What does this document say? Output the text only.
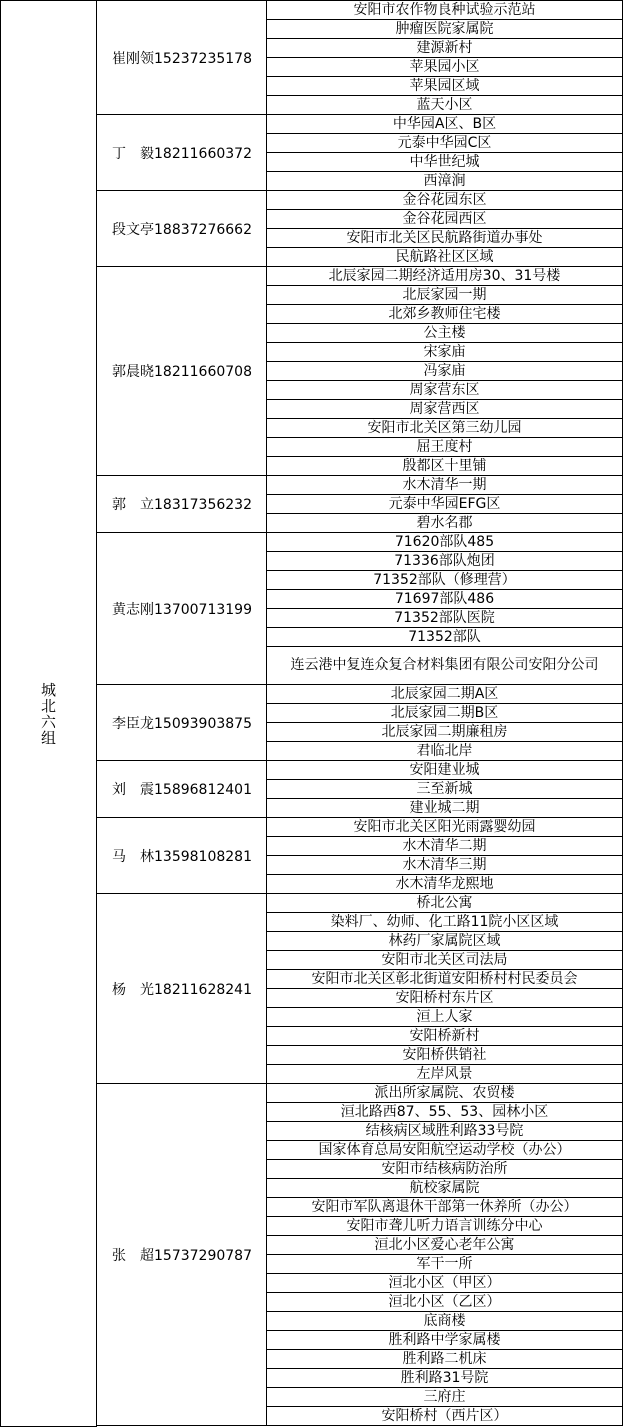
城北六组
安阳市农作物良种试验示范站
肿瘤医院家属院
建源新村
苹果园小区
苹果园区域
蓝天小区
崔刚领15237235178
中华园A区、B区
元泰中华园C区
中华世纪城
西漳涧
丁　毅18211660372
金谷花园东区
金谷花园西区
安阳市北关区民航路街道办事处
民航路社区区域
段文亭18837276662
北辰家园二期经济适用房30、31号楼
北辰家园一期
北郊乡教师住宅楼
公主楼
宋家庙
冯家庙
周家营东区
周家营西区
安阳市北关区第三幼儿园
屈王度村
殷都区十里铺
郭晨晓18211660708
水木清华一期
元泰中华园EFG区
碧水名郡
郭　立18317356232
71620部队485
71336部队炮团
71352部队（修理营）
71697部队486
71352部队医院
71352部队
连云港中复连众复合材料集团有限公司安阳分公司
黄志刚13700713199
北辰家园二期A区
北辰家园二期B区
北辰家园二期廉租房
君临北岸
李臣龙15093903875
安阳建业城
三至新城
建业城二期
刘　震15896812401
安阳市北关区阳光雨露婴幼园
水木清华二期
水木清华三期
水木清华龙熙地
马　林13598108281
桥北公寓
染料厂、幼师、化工路11院小区区域
林药厂家属院区域
安阳市北关区司法局
安阳市北关区彰北街道安阳桥村村民委员会
安阳桥村东片区
洹上人家
安阳桥新村
安阳桥供销社
左岸风景
杨　光18211628241
派出所家属院、农贸楼
洹北路西87、55、53、园林小区
结核病区域胜利路33号院
国家体育总局安阳航空运动学校（办公）
安阳市结核病防治所
航校家属院
安阳市军队离退休干部第一休养所（办公）
安阳市聋儿听力语言训练分中心
洹北小区爱心老年公寓
军干一所
洹北小区（甲区）
洹北小区（乙区）
底商楼
胜利路中学家属楼
胜利路二机床
胜利路31号院
三府庄
安阳桥村（西片区）
张　超15737290787
